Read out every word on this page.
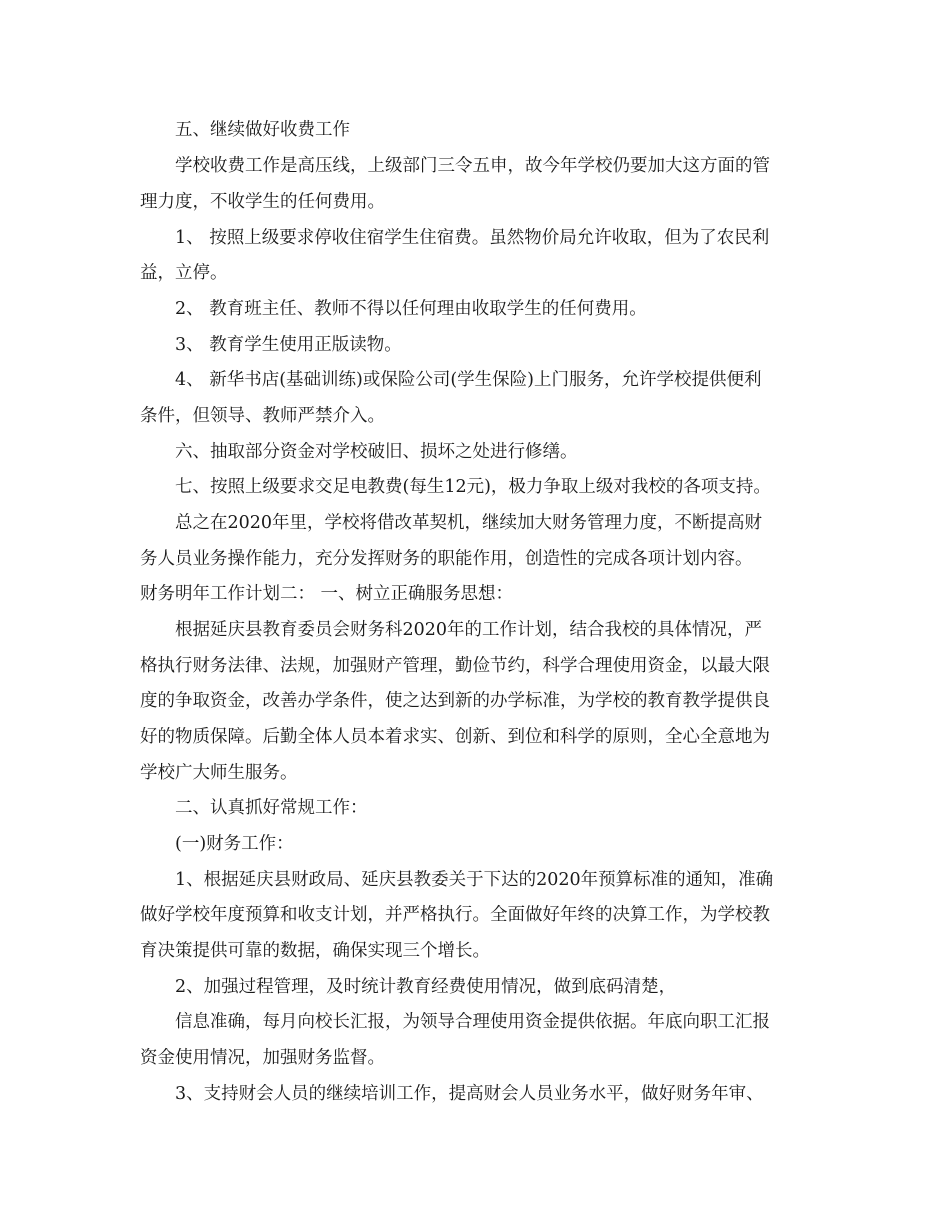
五、继续做好收费工作
学校收费工作是高压线，上级部门三令五申，故今年学校仍要加大这方面的管
理力度，不收学生的任何费用。
1、 按照上级要求停收住宿学生住宿费。虽然物价局允许收取，但为了农民利
益，立停。
2、 教育班主任、教师不得以任何理由收取学生的任何费用。
3、 教育学生使用正版读物。
4、 新华书店(基础训练)或保险公司(学生保险)上门服务，允许学校提供便利
条件，但领导、教师严禁介入。
六、抽取部分资金对学校破旧、损坏之处进行修缮。
七、按照上级要求交足电教费(每生12元)，极力争取上级对我校的各项支持。
总之在2020年里，学校将借改革契机，继续加大财务管理力度，不断提高财
务人员业务操作能力，充分发挥财务的职能作用，创造性的完成各项计划内容。
财务明年工作计划二： 一、树立正确服务思想：
根据延庆县教育委员会财务科2020年的工作计划，结合我校的具体情况，严
格执行财务法律、法规，加强财产管理，勤俭节约，科学合理使用资金，以最大限
度的争取资金，改善办学条件，使之达到新的办学标准，为学校的教育教学提供良
好的物质保障。后勤全体人员本着求实、创新、到位和科学的原则，全心全意地为
学校广大师生服务。
二、认真抓好常规工作：
(一)财务工作：
1、根据延庆县财政局、延庆县教委关于下达的2020年预算标准的通知，准确
做好学校年度预算和收支计划，并严格执行。全面做好年终的决算工作，为学校教
育决策提供可靠的数据，确保实现三个增长。
2、加强过程管理，及时统计教育经费使用情况，做到底码清楚，
信息准确，每月向校长汇报，为领导合理使用资金提供依据。年底向职工汇报
资金使用情况，加强财务监督。
3、支持财会人员的继续培训工作，提高财会人员业务水平，做好财务年审、
